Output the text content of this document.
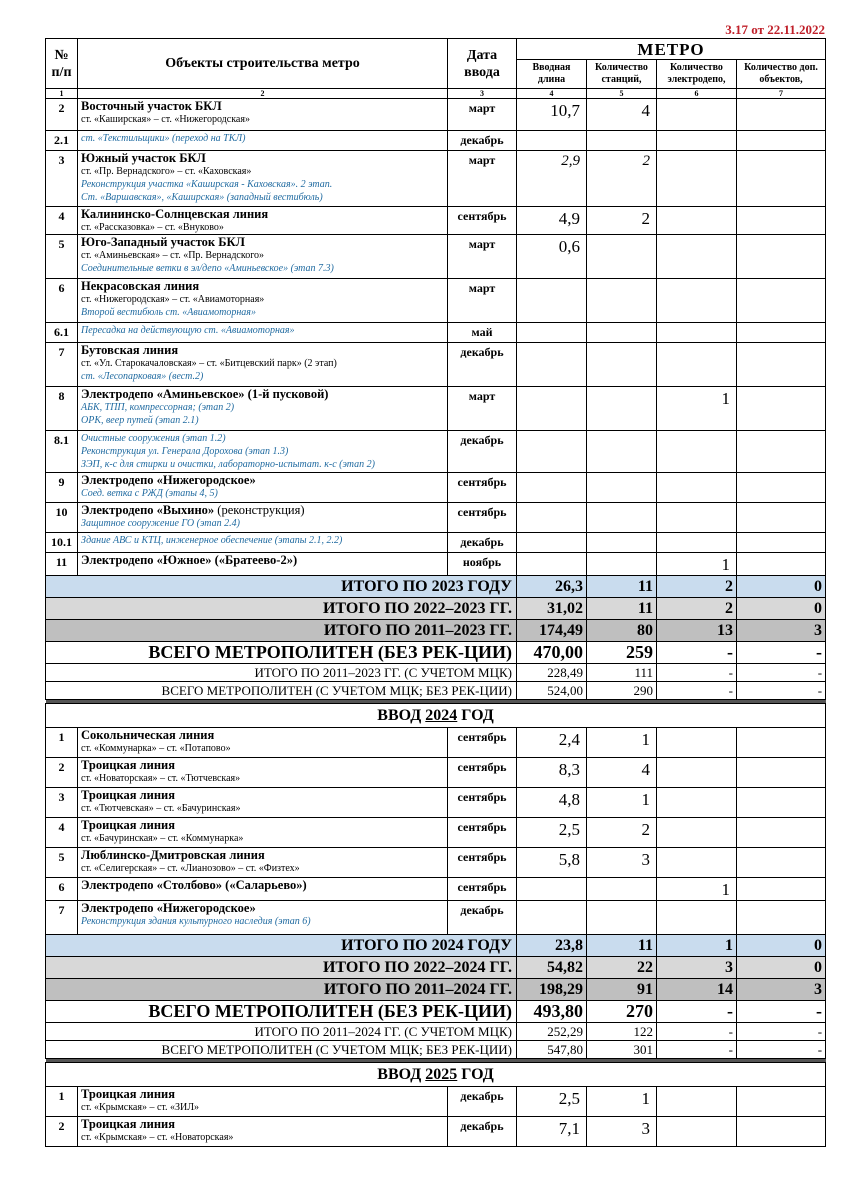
3.17 от 22.11.2022
№ п/п	Объекты строительства метро	Дата ввода	МЕТРО			
			Вводная длина	Количество станций,	Количество электродепо,	Количество доп. объектов,
1	2	3	4	5	6	7
2	Восточный участок БКЛ
ст. «Каширская» – ст. «Нижегородская»	март	10,7	4		
2.1	ст. «Текстильщики» (переход на ТКЛ)	декабрь				
3	Южный участок БКЛ
ст. «Пр. Вернадского» – ст. «Каховская»
Реконструкция участка «Каширская - Каховская». 2 этап.
Ст. «Варшавская», «Каширская» (западный вестибюль)	март	2,9	2		
4	Калининско-Солнцевская линия
ст. «Рассказовка» – ст. «Внуково»	сентябрь	4,9	2		
5	Юго-Западный участок БКЛ
ст. «Аминьевская» – ст. «Пр. Вернадского»
Соединительные ветки в эл/депо «Аминьевское» (этап 7.3)	март	0,6			
6	Некрасовская линия
ст. «Нижегородская» – ст. «Авиамоторная»
Второй вестибюль ст. «Авиамоторная»	март				
6.1	Пересадка на действующую ст. «Авиамоторная»	май				
7	Бутовская линия
ст. «Ул. Старокачаловская» – ст. «Битцевский парк» (2 этап)
ст. «Лесопарковая» (вест.2)	декабрь				
8	Электродепо «Аминьевское» (1-й пусковой)
АБК, ТПП, компрессорная; (этап 2)
ОРК, веер путей (этап 2.1)	март			1	
8.1	Очистные сооружения (этап 1.2)
Реконструкция ул. Генерала Дорохова (этап 1.3)
ЗЭП, к-с для стирки и очистки, лабораторно-испытат. к-с (этап 2)	декабрь				
9	Электродепо «Нижегородское»
Соед. ветка с РЖД (этапы 4, 5)	сентябрь				
10	Электродепо «Выхино» (реконструкция)
Защитное сооружение ГО (этап 2.4)	сентябрь				
10.1	Здание АВС и КТЦ, инженерное обеспечение (этапы 2.1, 2.2)	декабрь				
11	Электродепо «Южное» («Братеево-2»)	ноябрь			1	
ИТОГО ПО 2023 ГОДУ			26,3	11	2	0
ИТОГО ПО 2022–2023 ГГ.			31,02	11	2	0
ИТОГО ПО 2011–2023 ГГ.			174,49	80	13	3
ВСЕГО МЕТРОПОЛИТЕН (БЕЗ РЕК-ЦИИ)			470,00	259	-	-
ИТОГО ПО 2011–2023 ГГ. (С УЧЕТОМ МЦК)			228,49	111	-	-
ВСЕГО МЕТРОПОЛИТЕН (С УЧЕТОМ МЦК; БЕЗ РЕК-ЦИИ)			524,00	290	-	-

ВВОД 2024 ГОД						
1	Сокольническая линия
ст. «Коммунарка» – ст. «Потапово»	сентябрь	2,4	1		
2	Троицкая линия
ст. «Новаторская» – ст. «Тютчевская»	сентябрь	8,3	4		
3	Троицкая линия
ст. «Тютчевская» – ст. «Бачуринская»	сентябрь	4,8	1		
4	Троицкая линия
ст. «Бачуринская» – ст. «Коммунарка»	сентябрь	2,5	2		
5	Люблинско-Дмитровская линия
ст. «Селигерская» – ст. «Лианозово» – ст. «Физтех»	сентябрь	5,8	3		
6	Электродепо «Столбово» («Саларьево»)	сентябрь			1	
7	Электродепо «Нижегородское»
Реконструкция здания культурного наследия (этап 6)	декабрь				
ИТОГО ПО 2024 ГОДУ			23,8	11	1	0
ИТОГО ПО 2022–2024 ГГ.			54,82	22	3	0
ИТОГО ПО 2011–2024 ГГ.			198,29	91	14	3
ВСЕГО МЕТРОПОЛИТЕН (БЕЗ РЕК-ЦИИ)			493,80	270	-	-
ИТОГО ПО 2011–2024 ГГ. (С УЧЕТОМ МЦК)			252,29	122	-	-
ВСЕГО МЕТРОПОЛИТЕН (С УЧЕТОМ МЦК; БЕЗ РЕК-ЦИИ)			547,80	301	-	-

ВВОД 2025 ГОД						
1	Троицкая линия
ст. «Крымская» – ст. «ЗИЛ»	декабрь	2,5	1		
2	Троицкая линия
ст. «Крымская» – ст. «Новаторская»	декабрь	7,1	3		
